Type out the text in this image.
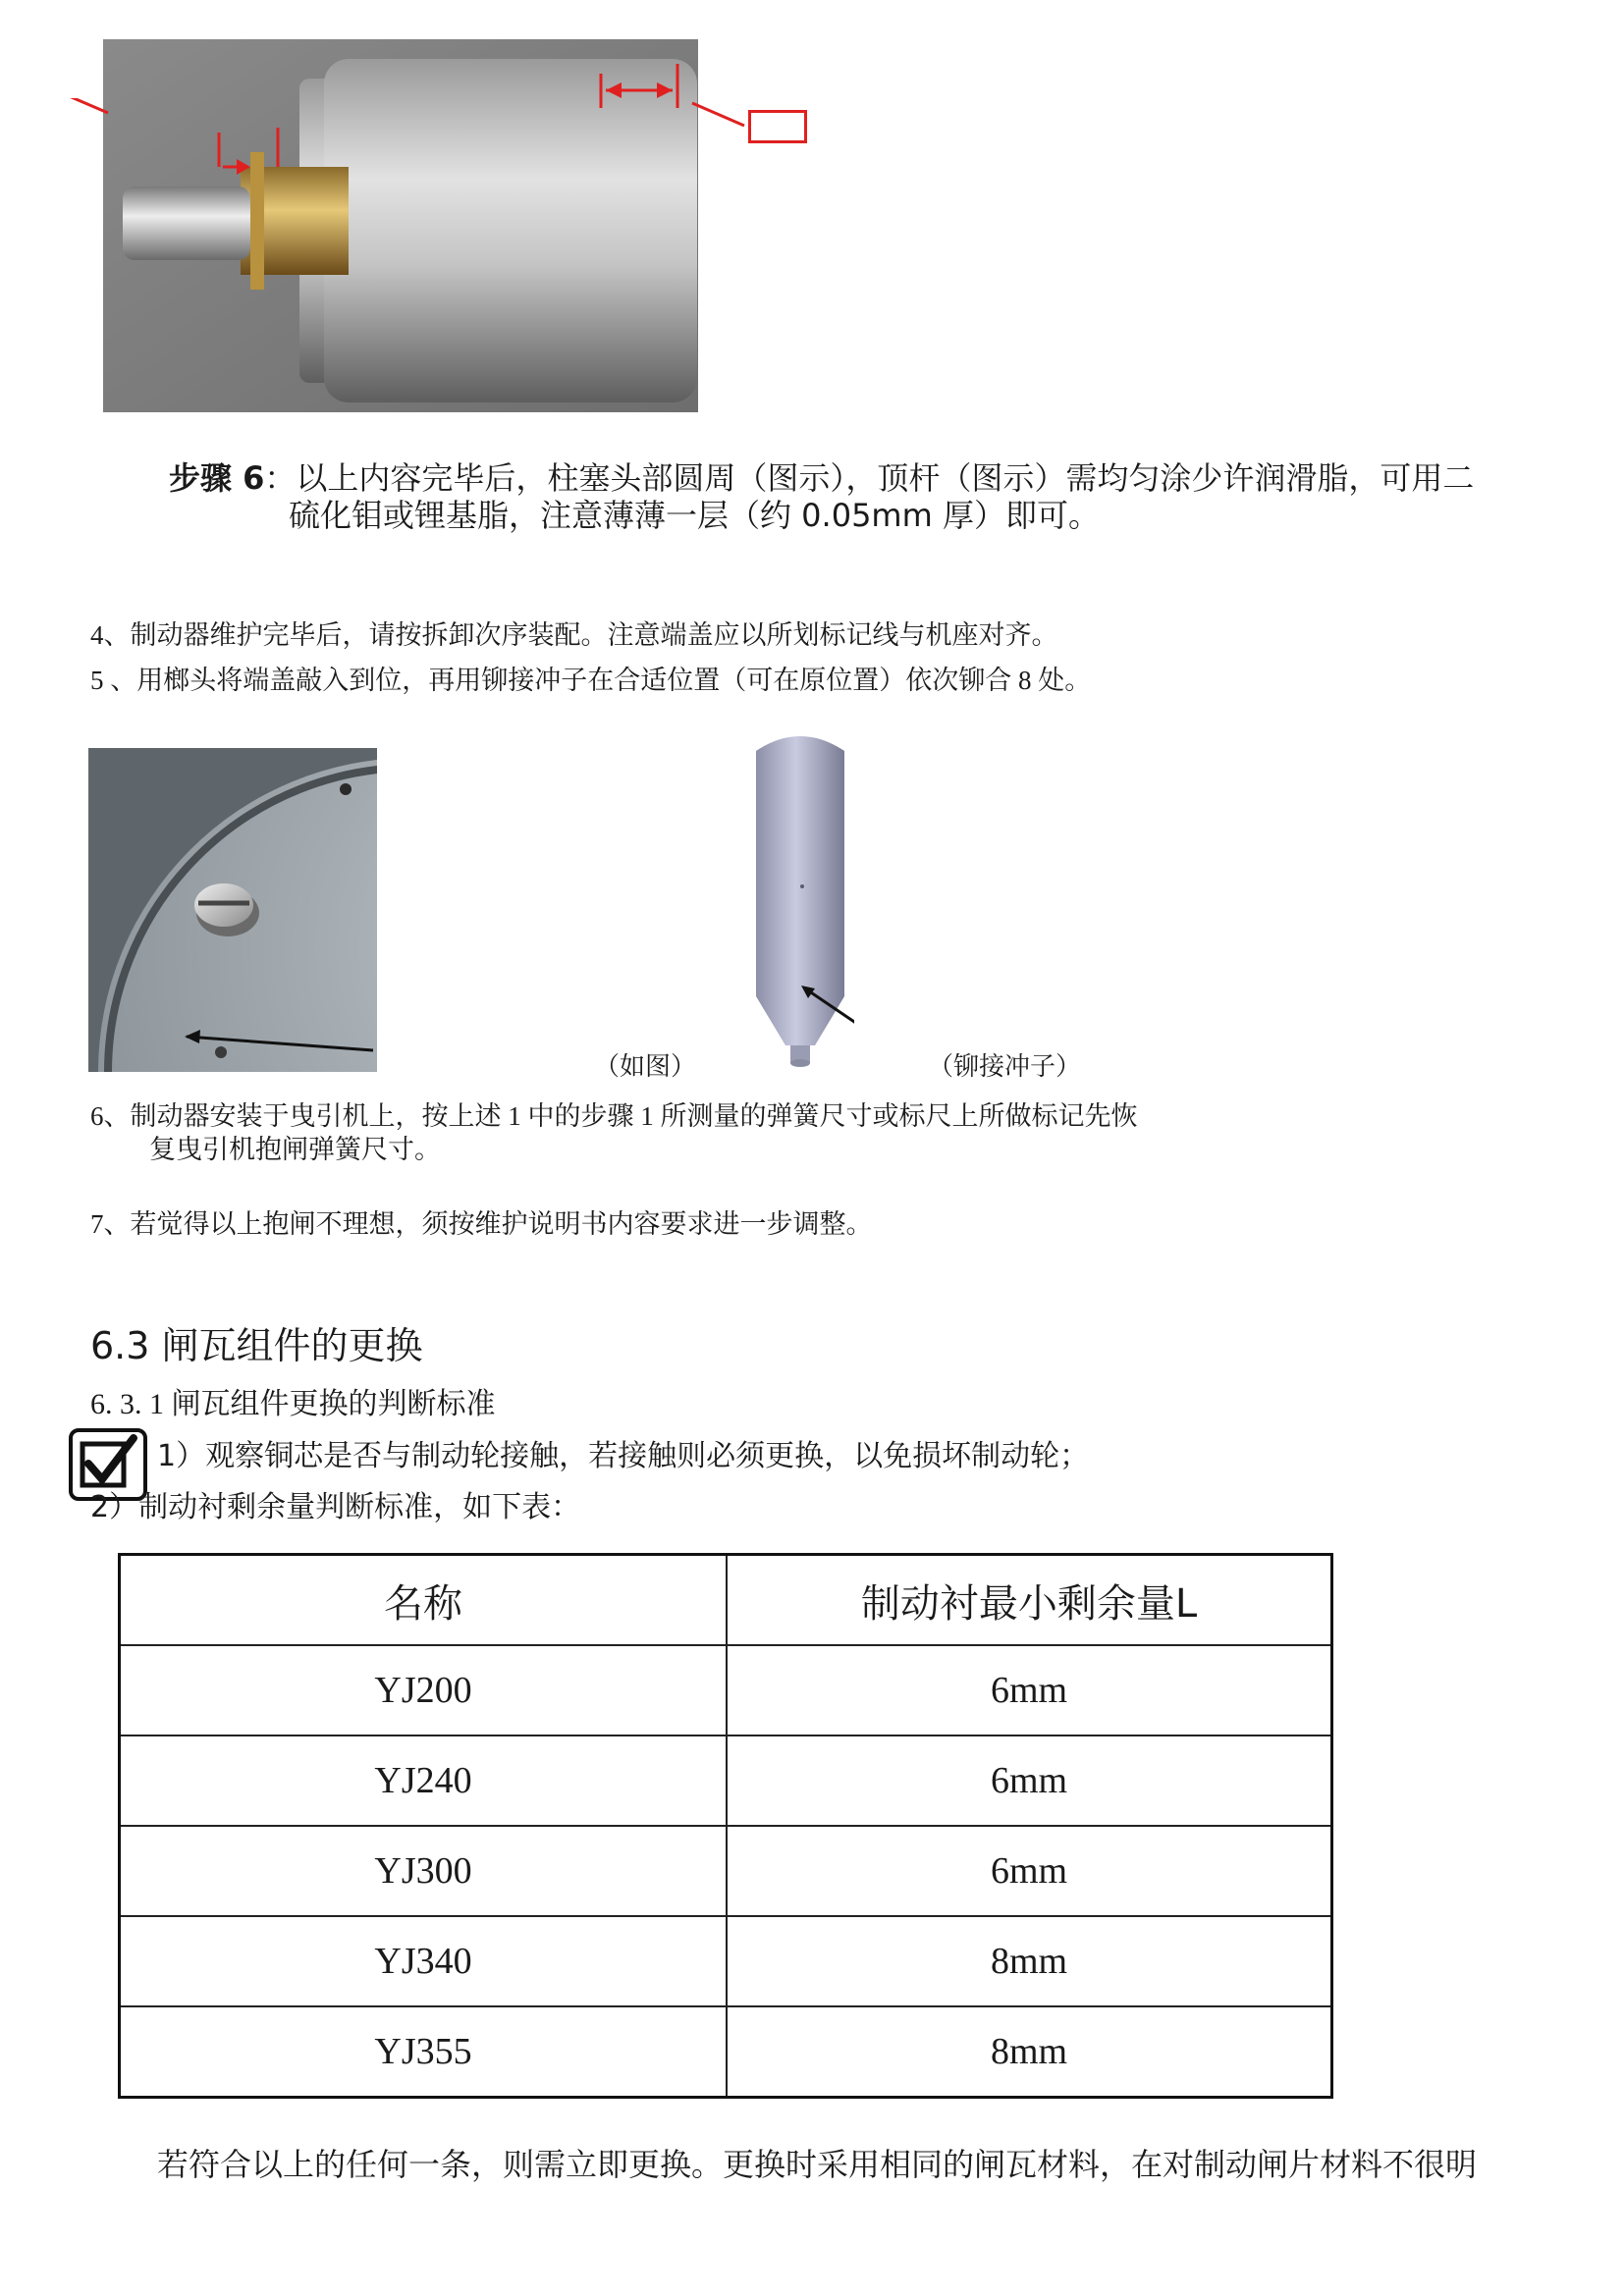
步骤 6：以上内容完毕后，柱塞头部圆周（图示），顶杆（图示）需均匀涂少许润滑脂，可用二
硫化钼或锂基脂，注意薄薄一层（约 0.05mm 厚）即可。
4、制动器维护完毕后，请按拆卸次序装配。注意端盖应以所划标记线与机座对齐。
5 、用榔头将端盖敲入到位，再用铆接冲子在合适位置（可在原位置）依次铆合 8 处。
（如图）	（铆接冲子）
6、制动器安装于曳引机上，按上述 1 中的步骤 1 所测量的弹簧尺寸或标尺上所做标记先恢
复曳引机抱闸弹簧尺寸。
7、若觉得以上抱闸不理想，须按维护说明书内容要求进一步调整。
6.3 闸瓦组件的更换
6. 3. 1 闸瓦组件更换的判断标准
1）观察铜芯是否与制动轮接触，若接触则必须更换，以免损坏制动轮；
2）制动衬剩余量判断标准，如下表：
名称	制动衬最小剩余量L
YJ200	6mm
YJ240	6mm
YJ300	6mm
YJ340	8mm
YJ355	8mm
若符合以上的任何一条，则需立即更换。更换时采用相同的闸瓦材料，在对制动闸片材料不很明
